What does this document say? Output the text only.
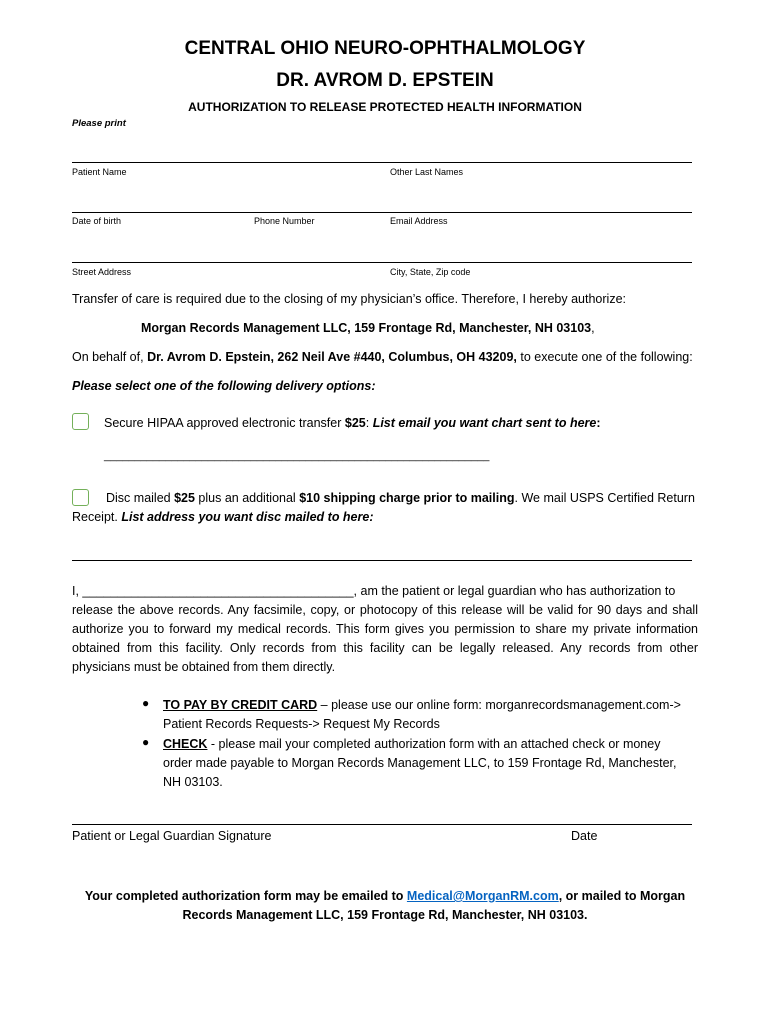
CENTRAL OHIO NEURO-OPHTHALMOLOGY
DR. AVROM D. EPSTEIN
AUTHORIZATION TO RELEASE PROTECTED HEALTH INFORMATION
Please print
Patient Name	Other Last Names
Date of birth	Phone Number	Email Address
Street Address	City, State, Zip code
Transfer of care is required due to the closing of my physician’s office. Therefore, I hereby authorize:
Morgan Records Management LLC, 159 Frontage Rd, Manchester, NH 03103,
On behalf of, Dr. Avrom D. Epstein, 262 Neil Ave #440, Columbus, OH 43209, to execute one of the following:
Please select one of the following delivery options:
Secure HIPAA approved electronic transfer $25: List email you want chart sent to here:
_______________________________________________________________
Disc mailed $25 plus an additional $10 shipping charge prior to mailing. We mail USPS Certified Return
Receipt. List address you want disc mailed to here:
I, _______________________________________, am the patient or legal guardian who has authorization to
release the above records. Any facsimile, copy, or photocopy of this release will be valid for 90 days and shall authorize you to forward my medical records. This form gives you permission to share my private information obtained from this facility. Only records from this facility can be legally released. Any records from other physicians must be obtained from them directly.
● TO PAY BY CREDIT CARD – please use our online form: morganrecordsmanagement.com->
Patient Records Requests-> Request My Records
● CHECK - please mail your completed authorization form with an attached check or money
order made payable to Morgan Records Management LLC, to 159 Frontage Rd, Manchester,
NH 03103.
Patient or Legal Guardian Signature	Date
Your completed authorization form may be emailed to Medical@MorganRM.com, or mailed to Morgan
Records Management LLC, 159 Frontage Rd, Manchester, NH 03103.
